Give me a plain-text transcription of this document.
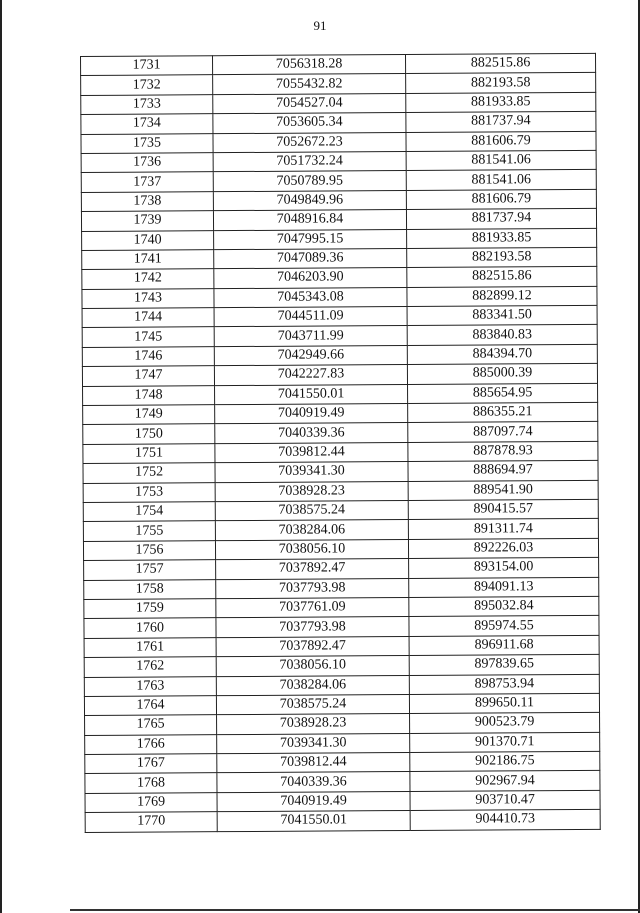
91
1731	7056318.28	882515.86
1732	7055432.82	882193.58
1733	7054527.04	881933.85
1734	7053605.34	881737.94
1735	7052672.23	881606.79
1736	7051732.24	881541.06
1737	7050789.95	881541.06
1738	7049849.96	881606.79
1739	7048916.84	881737.94
1740	7047995.15	881933.85
1741	7047089.36	882193.58
1742	7046203.90	882515.86
1743	7045343.08	882899.12
1744	7044511.09	883341.50
1745	7043711.99	883840.83
1746	7042949.66	884394.70
1747	7042227.83	885000.39
1748	7041550.01	885654.95
1749	7040919.49	886355.21
1750	7040339.36	887097.74
1751	7039812.44	887878.93
1752	7039341.30	888694.97
1753	7038928.23	889541.90
1754	7038575.24	890415.57
1755	7038284.06	891311.74
1756	7038056.10	892226.03
1757	7037892.47	893154.00
1758	7037793.98	894091.13
1759	7037761.09	895032.84
1760	7037793.98	895974.55
1761	7037892.47	896911.68
1762	7038056.10	897839.65
1763	7038284.06	898753.94
1764	7038575.24	899650.11
1765	7038928.23	900523.79
1766	7039341.30	901370.71
1767	7039812.44	902186.75
1768	7040339.36	902967.94
1769	7040919.49	903710.47
1770	7041550.01	904410.73
